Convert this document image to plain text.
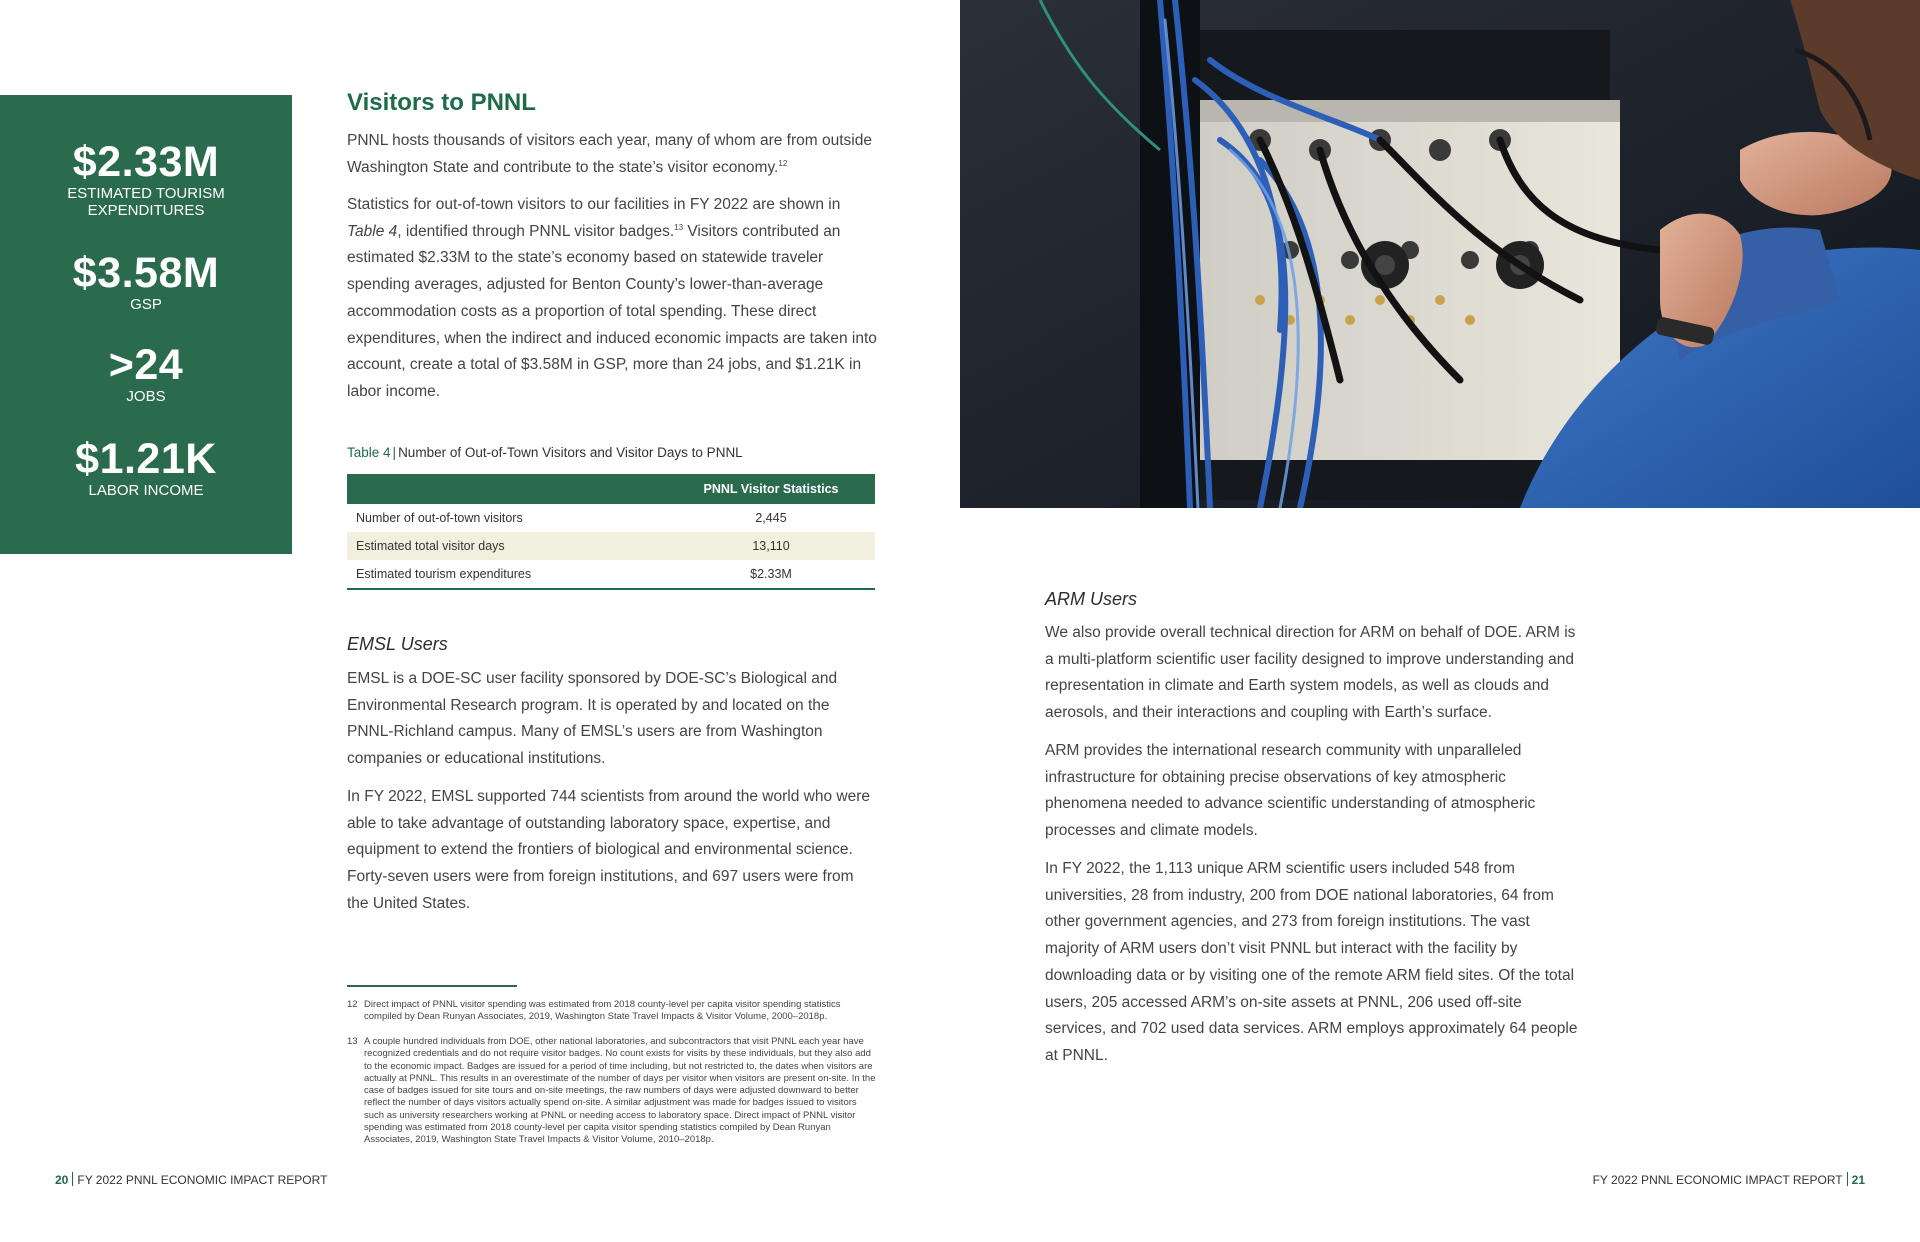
$2.33M
ESTIMATED TOURISM
EXPENDITURES
$3.58M
GSP
>24
JOBS
$1.21K
LABOR INCOME
Visitors to PNNL
PNNL hosts thousands of visitors each year, many of whom are from outside Washington State and contribute to the state’s visitor economy.$^{12}$
Statistics for out-of-town visitors to our facilities in FY 2022 are shown in Table 4, identified through PNNL visitor badges.$^{13}$ Visitors contributed an estimated $2.33M to the state’s economy based on statewide traveler spending averages, adjusted for Benton County’s lower-than-average accommodation costs as a proportion of total spending. These direct expenditures, when the indirect and induced economic impacts are taken into account, create a total of $3.58M in GSP, more than 24 jobs, and $1.21K in labor income.
Table 4 | Number of Out-of-Town Visitors and Visitor Days to PNNL
	PNNL Visitor Statistics
Number of out-of-town visitors	2,445
Estimated total visitor days	13,110
Estimated tourism expenditures	$2.33M
EMSL Users
EMSL is a DOE-SC user facility sponsored by DOE-SC’s Biological and Environmental Research program. It is operated by and located on the PNNL-Richland campus. Many of EMSL’s users are from Washington companies or educational institutions.
In FY 2022, EMSL supported 744 scientists from around the world who were able to take advantage of outstanding laboratory space, expertise, and equipment to extend the frontiers of biological and environmental science. Forty-seven users were from foreign institutions, and 697 users were from the United States.
12 Direct impact of PNNL visitor spending was estimated from 2018 county-level per capita visitor spending statistics compiled by Dean Runyan Associates, 2019, Washington State Travel Impacts & Visitor Volume, 2000–2018p.
13 A couple hundred individuals from DOE, other national laboratories, and subcontractors that visit PNNL each year have recognized credentials and do not require visitor badges. No count exists for visits by these individuals, but they also add to the economic impact. Badges are issued for a period of time including, but not restricted to, the dates when visitors are actually at PNNL. This results in an overestimate of the number of days per visitor when visitors are present on-site. In the case of badges issued for site tours and on-site meetings, the raw numbers of days were adjusted downward to better reflect the number of days visitors actually spend on-site. A similar adjustment was made for badges issued to visitors such as university researchers working at PNNL or needing access to laboratory space. Direct impact of PNNL visitor spending was estimated from 2018 county-level per capita visitor spending statistics compiled by Dean Runyan Associates, 2019, Washington State Travel Impacts & Visitor Volume, 2010–2018p.
ARM Users
We also provide overall technical direction for ARM on behalf of DOE. ARM is a multi-platform scientific user facility designed to improve understanding and representation in climate and Earth system models, as well as clouds and aerosols, and their interactions and coupling with Earth’s surface.
ARM provides the international research community with unparalleled infrastructure for obtaining precise observations of key atmospheric phenomena needed to advance scientific understanding of atmospheric processes and climate models.
In FY 2022, the 1,113 unique ARM scientific users included 548 from universities, 28 from industry, 200 from DOE national laboratories, 64 from other government agencies, and 273 from foreign institutions. The vast majority of ARM users don’t visit PNNL but interact with the facility by downloading data or by visiting one of the remote ARM field sites. Of the total users, 205 accessed ARM’s on-site assets at PNNL, 206 used off-site services, and 702 used data services. ARM employs approximately 64 people at PNNL.
20 FY 2022 PNNL ECONOMIC IMPACT REPORT	FY 2022 PNNL ECONOMIC IMPACT REPORT 21
